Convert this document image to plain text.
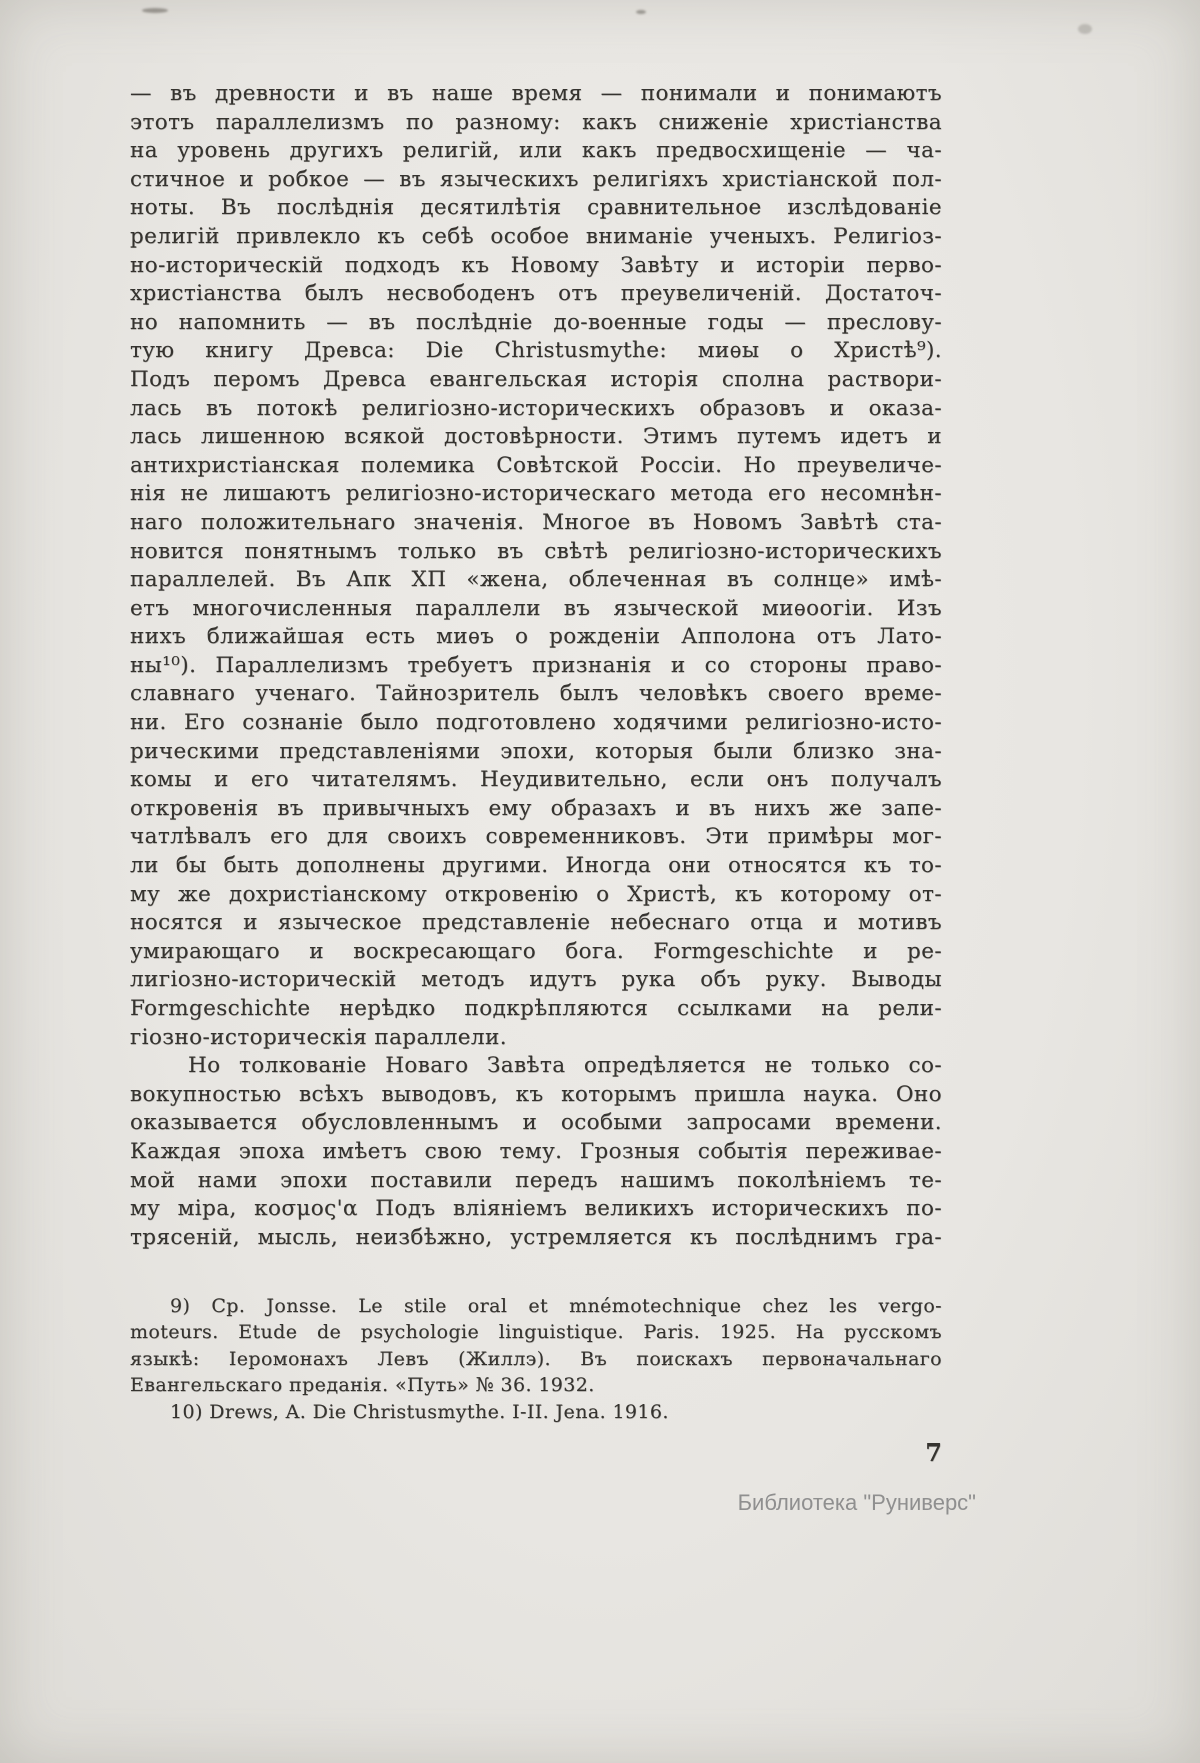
— въ древности и въ наше время — понимали и понимаютъ
этотъ параллелизмъ по разному: какъ сниженіе христіанства
на уровень другихъ религій, или какъ предвосхищеніе — ча-
стичное и робкое — въ языческихъ религіяхъ христіанской пол-
ноты. Въ послѣднія десятилѣтія сравнительное изслѣдованіе
религій привлекло къ себѣ особое вниманіе ученыхъ. Религіоз-
но-историческій подходъ къ Новому Завѣту и исторіи перво-
христіанства былъ несвободенъ отъ преувеличеній. Достаточ-
но напомнить — въ послѣдніе до-военные годы — преслову-
тую книгу Древса: Die Christusmythe: миѳы о Христѣ⁹).
Подъ перомъ Древса евангельская исторія сполна раствори-
лась въ потокѣ религіозно-историческихъ образовъ и оказа-
лась лишенною всякой достовѣрности. Этимъ путемъ идетъ и
антихристіанская полемика Совѣтской Россіи. Но преувеличе-
нія не лишаютъ религіозно-историческаго метода его несомнѣн-
наго положительнаго значенія. Многое въ Новомъ Завѣтѣ ста-
новится понятнымъ только въ свѣтѣ религіозно-историческихъ
параллелей. Въ Апк ХП «жена, облеченная въ солнце» имѣ-
етъ многочисленныя параллели въ языческой миѳоогіи. Изъ
нихъ ближайшая есть миѳъ о рожденіи Апполона отъ Лато-
ны¹⁰). Параллелизмъ требуетъ признанія и со стороны право-
славнаго ученаго. Тайнозритель былъ человѣкъ своего време-
ни. Его сознаніе было подготовлено ходячими религіозно-исто-
рическими представленіями эпохи, которыя были близко зна-
комы и его читателямъ. Неудивительно, если онъ получалъ
откровенія въ привычныхъ ему образахъ и въ нихъ же запе-
чатлѣвалъ его для своихъ современниковъ. Эти примѣры мог-
ли бы быть дополнены другими. Иногда они относятся къ то-
му же дохристіанскому откровенію о Христѣ, къ которому от-
носятся и языческое представленіе небеснаго отца и мотивъ
умирающаго и воскресающаго бога. Formgeschichte и ре-
лигіозно-историческій методъ идутъ рука объ руку. Выводы
Formgeschichte нерѣдко подкрѣпляются ссылками на рели-
гіозно-историческія параллели.
Но толкованіе Новаго Завѣта опредѣляется не только со-
вокупностью всѣхъ выводовъ, къ которымъ пришла наука. Оно
оказывается обусловленнымъ и особыми запросами времени.
Каждая эпоха имѣетъ свою тему. Грозныя событія переживае-
мой нами эпохи поставили передъ нашимъ поколѣніемъ те-
му міра, κοσμος'α Подъ вліяніемъ великихъ историческихъ по-
трясеній, мысль, неизбѣжно, устремляется къ послѣднимъ гра-
9) Ср. Jonsse. Le stile oral et mnémotechnique chez les vergo-
moteurs. Etude de psychologie linguistique. Paris. 1925. На русскомъ
языкѣ: Іеромонахъ Левъ (Жиллэ). Въ поискахъ первоначальнаго
Евангельскаго преданія. «Путь» № 36. 1932.
10) Drews, A. Die Christusmythe. I-II. Jena. 1916.
7
Библиотека "Руниверс"
